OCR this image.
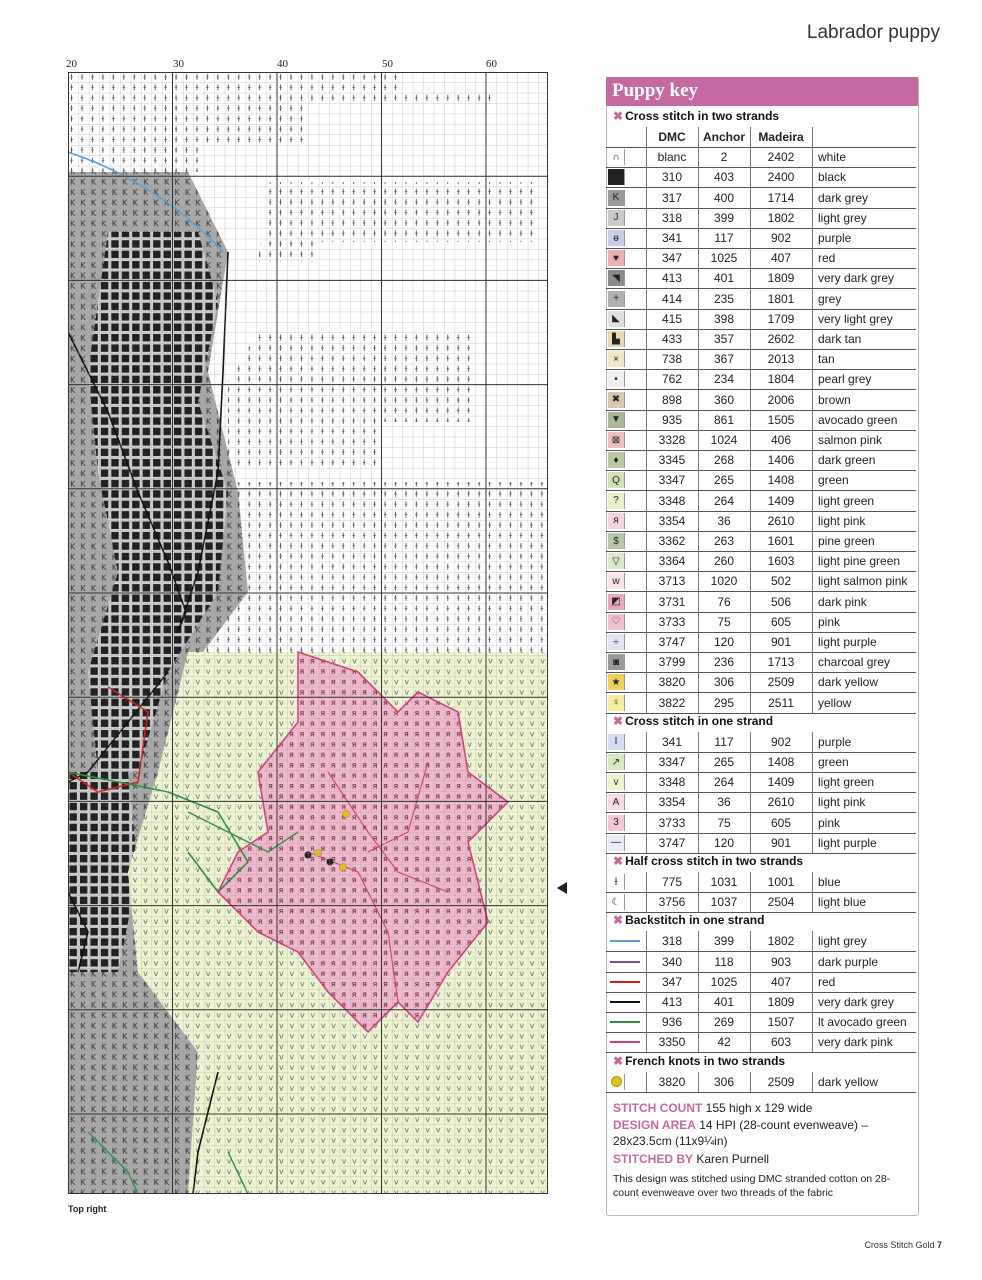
Labrador puppy
20	30	40	50	60
Top right
Puppy key
✖ Cross stitch in two strands
DMC	Anchor	Madeira
∩	blanc	2	2402	white
■	310	403	2400	black
K	317	400	1714	dark grey
J	318	399	1802	light grey
ɵ	341	117	902	purple
♥	347	1025	407	red
◥	413	401	1809	very dark grey
+	414	235	1801	grey
◣	415	398	1709	very light grey
▙	433	357	2602	dark tan
×	738	367	2013	tan
•	762	234	1804	pearl grey
✖	898	360	2006	brown
▼	935	861	1505	avocado green
⊠	3328	1024	406	salmon pink
♦	3345	268	1406	dark green
Q	3347	265	1408	green
?	3348	264	1409	light green
я	3354	36	2610	light pink
$	3362	263	1601	pine green
▽	3364	260	1603	light pine green
w	3713	1020	502	light salmon pink
◩	3731	76	506	dark pink
♡	3733	75	605	pink
÷	3747	120	901	light purple
◙	3799	236	1713	charcoal grey
★	3820	306	2509	dark yellow
♀	3822	295	2511	yellow
✖ Cross stitch in one strand
I	341	117	902	purple
↗	3347	265	1408	green
v	3348	264	1409	light green
A	3354	36	2610	light pink
3	3733	75	605	pink
—	3747	120	901	light purple
✖ Half cross stitch in two strands
ɫ	775	1031	1001	blue
☾	3756	1037	2504	light blue
✖ Backstitch in one strand
318	399	1802	light grey
340	118	903	dark purple
347	1025	407	red
413	401	1809	very dark grey
936	269	1507	lt avocado green
3350	42	603	very dark pink
✖ French knots in two strands
3820	306	2509	dark yellow
STITCH COUNT 155 high x 129 wide
DESIGN AREA 14 HPI (28-count evenweave) –
28x23.5cm (11x9¼in)
STITCHED BY Karen Purnell
This design was stitched using DMC stranded cotton on 28-count evenweave over two threads of the fabric
Cross Stitch Gold 7
